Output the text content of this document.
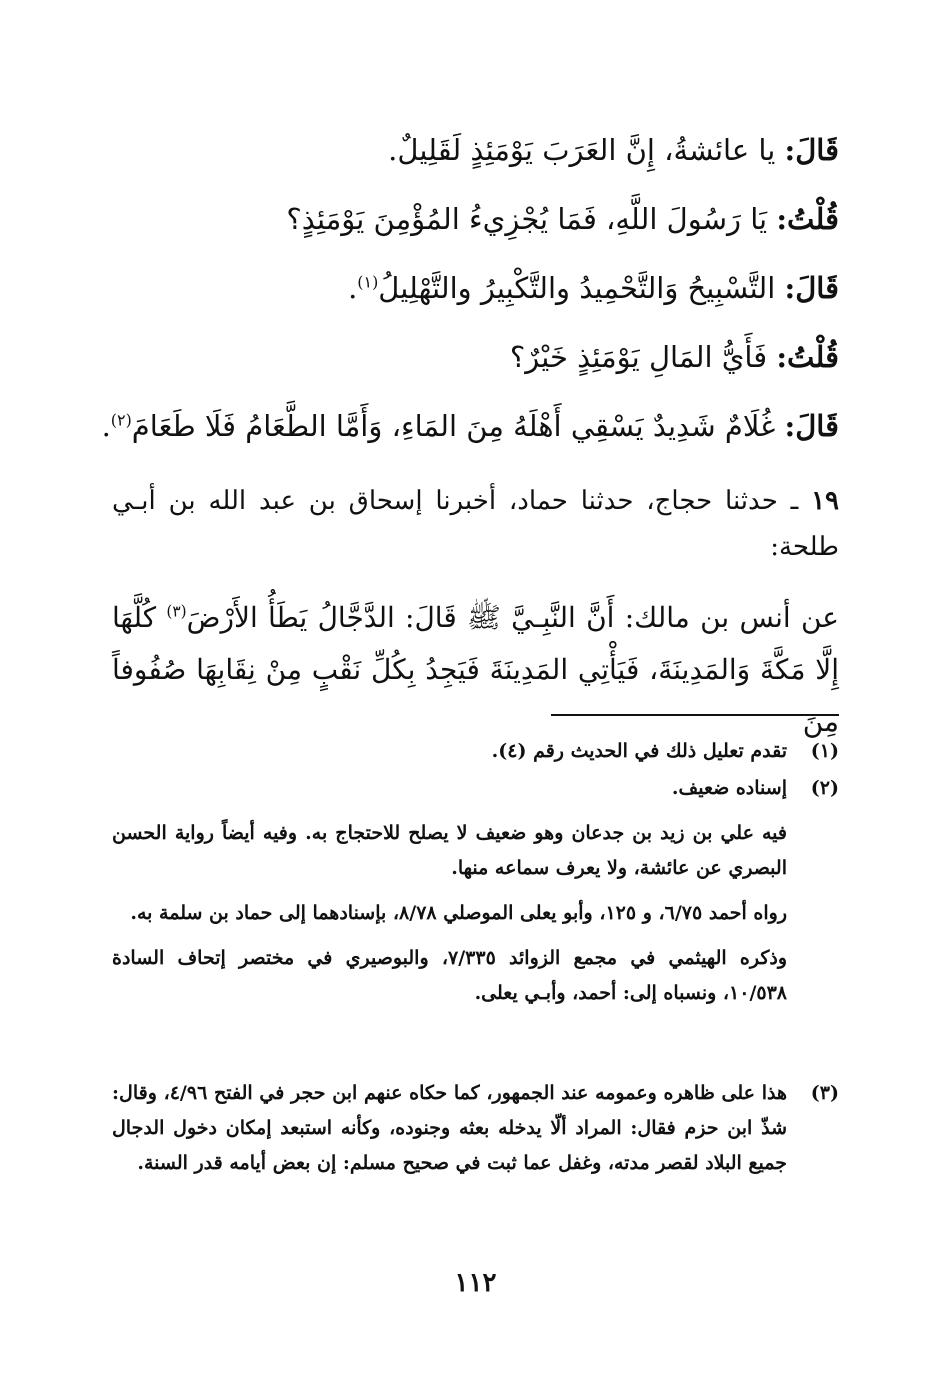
قَالَ: يا عائشةُ، إِنَّ العَرَبَ يَوْمَئِذٍ لَقَلِيلٌ.
قُلْتُ: يَا رَسُولَ اللَّهِ، فَمَا يُجْزِيءُ المُؤْمِنَ يَوْمَئِذٍ؟
قَالَ: التَّسْبِيحُ وَالتَّحْمِيدُ والتَّكْبِيرُ والتَّهْلِيلُ$^{(١)}$.
قُلْتُ: فَأَيُّ المَالِ يَوْمَئِذٍ خَيْرٌ؟
قَالَ: غُلَامٌ شَدِيدٌ يَسْقِي أَهْلَهُ مِنَ المَاءِ، وَأَمَّا الطَّعَامُ فَلَا طَعَامَ$^{(٢)}$.
١٩ ـ حدثنا حجاج، حدثنا حماد، أخبرنا إسحاق بن عبد الله بن أبـي طلحة:
عن أنس بن مالك: أَنَّ النَّبِـيَّ ﷺ قَالَ: الدَّجَّالُ يَطَأُ الأَرْضَ$^{(٣)}$ كُلَّهَا إِلَّا مَكَّةَ وَالمَدِينَةَ، فَيَأْتِي المَدِينَةَ فَيَجِدُ بِكُلِّ نَقْبٍ مِنْ نِقَابِهَا صُفُوفاً مِنَ
(١)

تقدم تعليل ذلك في الحديث رقم (٤).

(٢)

إسناده ضعيف.

فيه علي بن زيد بن جدعان وهو ضعيف لا يصلح للاحتجاج به. وفيه أيضاً رواية الحسن البصري عن عائشة، ولا يعرف سماعه منها.

رواه أحمد ٦/٧٥، و ١٢٥، وأبو يعلى الموصلي ٨/٧٨، بإسنادهما إلى حماد بن سلمة به.

وذكره الهيثمي في مجمع الزوائد ٧/٣٣٥، والبوصيري في مختصر إتحاف السادة ١٠/٥٣٨، ونسباه إلى: أحمد، وأبـي يعلى.

(٣)

هذا على ظاهره وعمومه عند الجمهور، كما حكاه عنهم ابن حجر في الفتح ٤/٩٦، وقال: شذّ ابن حزم فقال: المراد ألّا يدخله بعثه وجنوده، وكأنه استبعد إمكان دخول الدجال جميع البلاد لقصر مدته، وغفل عما ثبت في صحيح مسلم: إن بعض أيامه قدر السنة.

١١٢
